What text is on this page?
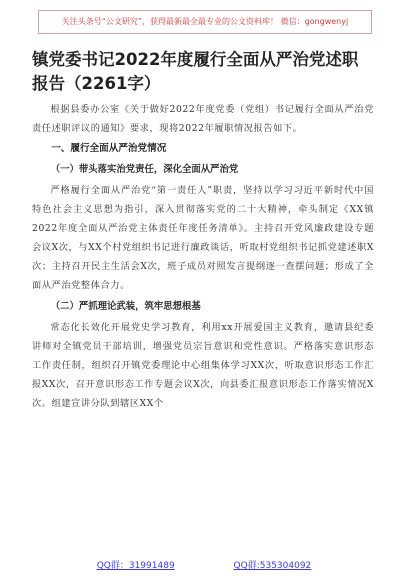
关注头条号“公文研究”，获得最新最全最专业的公文资料库！ 微信：gongwenyj
镇党委书记2022年度履行全面从严治党述职报告（2261字）

根据县委办公室《关于做好2022年度党委（党组）书记履行全面从严治党责任述职评议的通知》要求，现将2022年履职情况报告如下。

一、履行全面从严治党情况

（一）带头落实治党责任，深化全面从严治党

严格履行全面从严治党“第一责任人”职责，坚持以学习习近平新时代中国特色社会主义思想为指引，深入贯彻落实党的二十大精神，牵头制定《XX镇2022年度全面从严治党主体责任年度任务清单》。主持召开党风廉政建设专题会议X次，与XX个村党组织书记进行廉政谈话，听取村党组织书记抓党建述职X次；主持召开民主生活会X次，班子成员对照发言提纲逐一查摆问题；形成了全面从严治党整体合力。

（二）严抓理论武装，筑牢思想根基

常态化长效化开展党史学习教育，利用xx开展爱国主义教育，邀请县纪委讲师对全镇党员干部培训，增强党员宗旨意识和党性意识。严格落实意识形态工作责任制，组织召开镇党委理论中心组集体学习XX次，听取意识形态工作汇报XX次，召开意识形态工作专题会议X次，向县委汇报意识形态工作落实情况X次。组建宣讲分队到辖区XX个

QQ群：31991489	QQ群:535304092
